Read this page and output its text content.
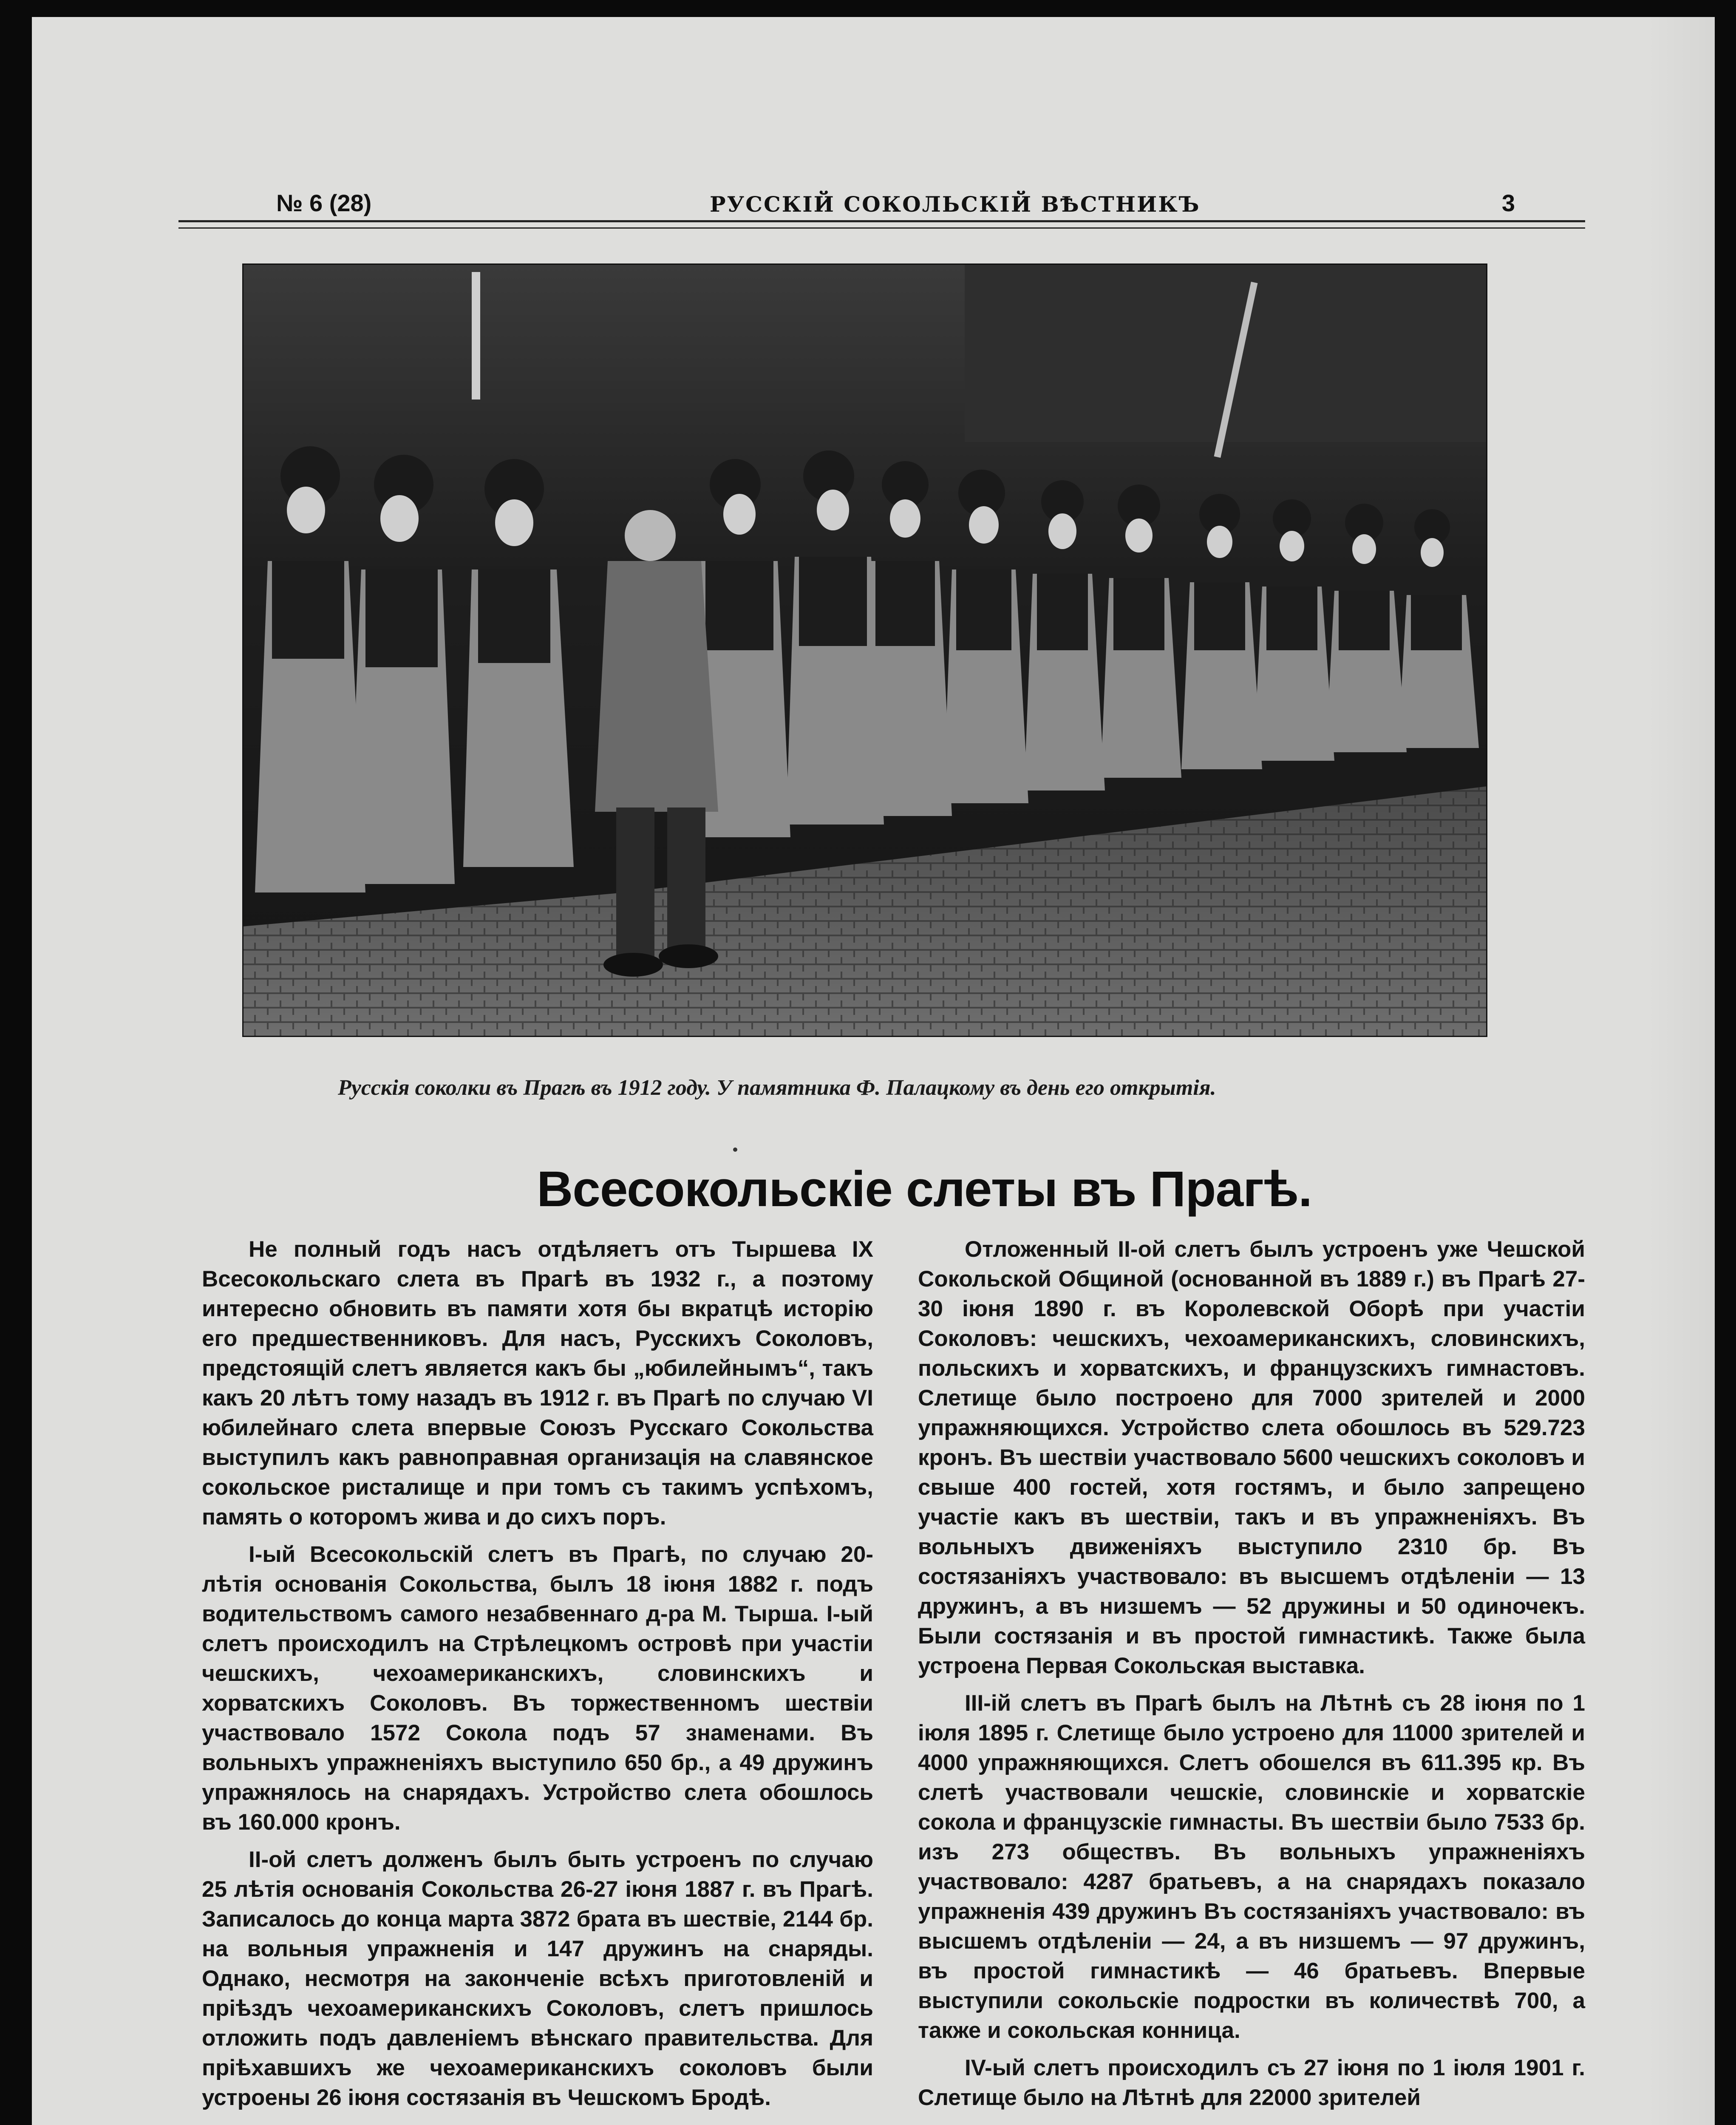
№ 6 (28)	РУССКІЙ СОКОЛЬСКІЙ ВѢСТНИКЪ	3
Русскія соколки въ Прагѣ въ 1912 году. У памятника Ф. Палацкому въ день его открытія.
Всесокольскіе слеты въ Прагѣ.

Не полный годъ насъ отдѣляетъ отъ Тыршева IX Всесокольскаго слета въ Прагѣ въ 1932 г., а поэтому интересно обновить въ памяти хотя бы вкратцѣ исторію его предшественниковъ. Для насъ, Русскихъ Соколовъ, предстоящій слетъ является какъ бы „юбилейнымъ“, такъ какъ 20 лѣтъ тому назадъ въ 1912 г. въ Прагѣ по случаю VI юбилейнаго слета впервые Союзъ Русскаго Сокольства выступилъ какъ равноправная организація на славянское сокольское ристалище и при томъ съ такимъ успѣхомъ, память о которомъ жива и до сихъ поръ.

I-ый Всесокольскій слетъ въ Прагѣ, по случаю 20-лѣтія основанія Сокольства, былъ 18 іюня 1882 г. подъ водительствомъ самого незабвеннаго д-ра М. Тырша. I-ый слетъ происходилъ на Стрѣлецкомъ островѣ при участіи чешскихъ, чехоамериканскихъ, словинскихъ и хорватскихъ Соколовъ. Въ торжественномъ шествіи участвовало 1572 Сокола подъ 57 знаменами. Въ вольныхъ упражненіяхъ выступило 650 бр., а 49 дружинъ упражнялось на снарядахъ. Устройство слета обошлось въ 160.000 кронъ.

II-ой слетъ долженъ былъ быть устроенъ по случаю 25 лѣтія основанія Сокольства 26-27 іюня 1887 г. въ Прагѣ. Записалось до конца марта 3872 брата въ шествіе, 2144 бр. на вольныя упражненія и 147 дружинъ на снаряды. Однако, несмотря на законченіе всѣхъ приготовленій и пріѣздъ чехоамериканскихъ Соколовъ, слетъ пришлось отложить подъ давленіемъ вѣнскаго правительства. Для пріѣхавшихъ же чехоамериканскихъ соколовъ были устроены 26 іюня состязанія въ Чешскомъ Бродѣ.

Отложенный II-ой слетъ былъ устроенъ уже Чешской Сокольской Общиной (основанной въ 1889 г.) въ Прагѣ 27-30 іюня 1890 г. въ Королевской Оборѣ при участіи Соколовъ: чешскихъ, чехоамериканскихъ, словинскихъ, польскихъ и хорватскихъ, и французскихъ гимнастовъ. Слетище было построено для 7000 зрителей и 2000 упражняющихся. Устройство слета обошлось въ 529.723 кронъ. Въ шествіи участвовало 5600 чешскихъ соколовъ и свыше 400 гостей, хотя гостямъ, и было запрещено участіе какъ въ шествіи, такъ и въ упражненіяхъ. Въ вольныхъ движеніяхъ выступило 2310 бр. Въ состязаніяхъ участвовало: въ высшемъ отдѣленіи — 13 дружинъ, а въ низшемъ — 52 дружины и 50 одиночекъ. Были состязанія и въ простой гимнастикѣ. Также была устроена Первая Сокольская выставка.

III-ій слетъ въ Прагѣ былъ на Лѣтнѣ съ 28 іюня по 1 іюля 1895 г. Слетище было устроено для 11000 зрителей и 4000 упражняющихся. Слетъ обошелся въ 611.395 кр. Въ слетѣ участвовали чешскіе, словинскіе и хорватскіе сокола и французскіе гимнасты. Въ шествіи было 7533 бр. изъ 273 обществъ. Въ вольныхъ упражненіяхъ участвовало: 4287 братьевъ, а на снарядахъ показало упражненія 439 дружинъ Въ состязаніяхъ участвовало: въ высшемъ отдѣленіи — 24, а въ низшемъ — 97 дружинъ, въ простой гимнастикѣ — 46 братьевъ. Впервые выступили сокольскіе подростки въ количествѣ 700, а также и сокольская конница.

IV-ый слетъ происходилъ съ 27 іюня по 1 іюля 1901 г. Слетище было на Лѣтнѣ для 22000 зрителей
